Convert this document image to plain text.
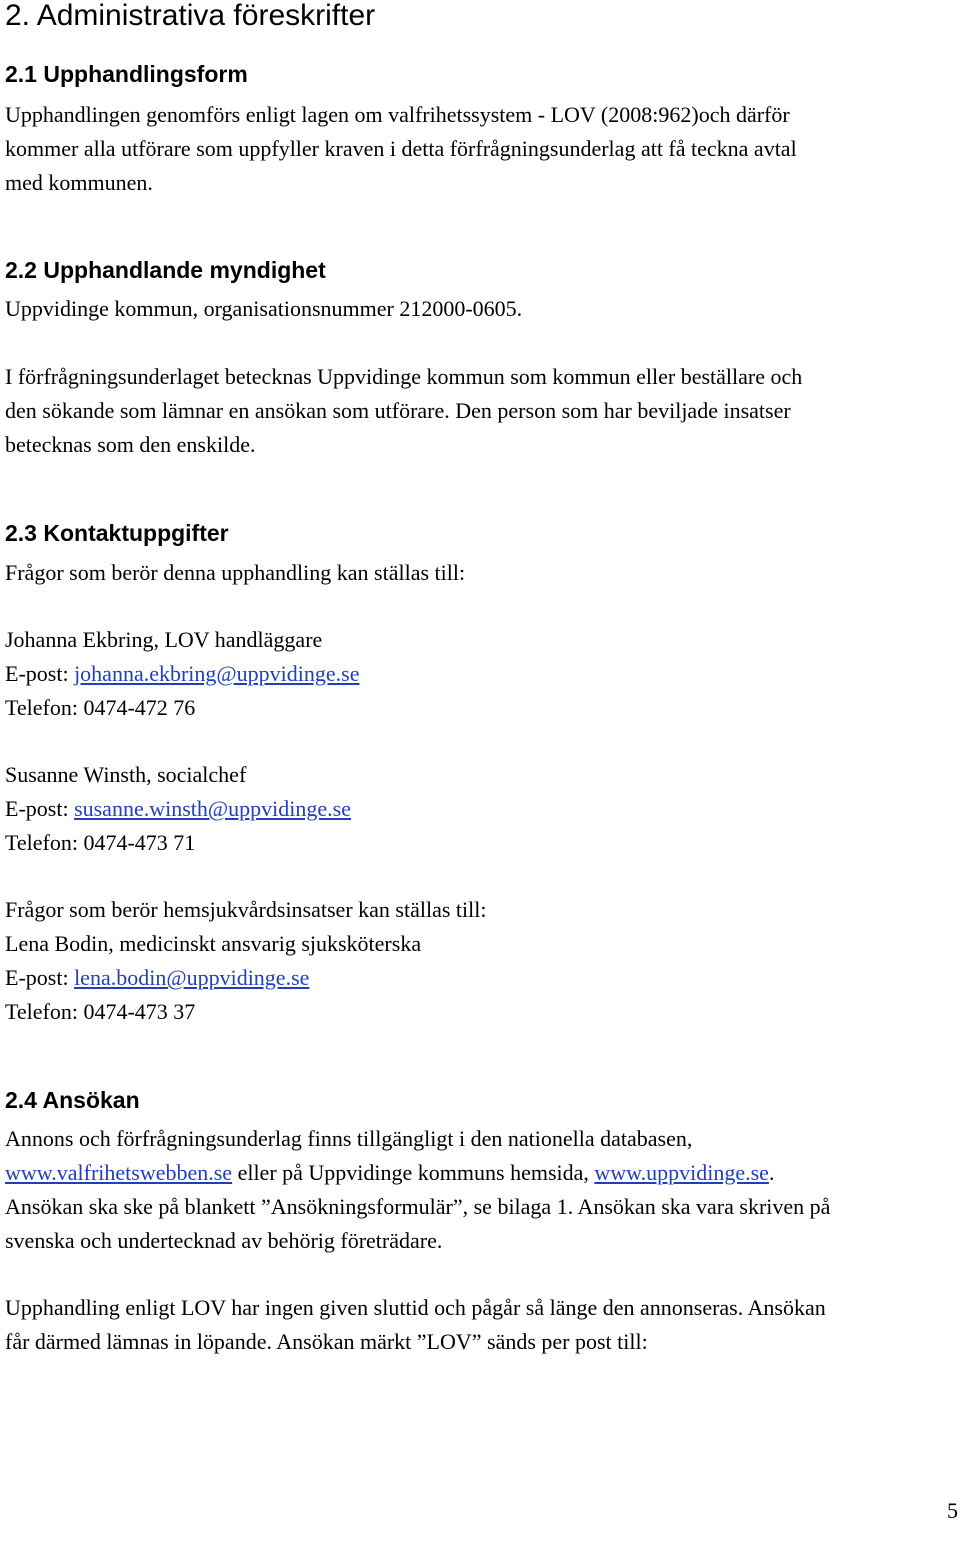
2. Administrativa föreskrifter
2.1 Upphandlingsform

Upphandlingen genomförs enligt lagen om valfrihetssystem - LOV (2008:962)och därför

kommer alla utförare som uppfyller kraven i detta förfrågningsunderlag att få teckna avtal

med kommunen.

2.2 Upphandlande myndighet

Uppvidinge kommun, organisationsnummer 212000-0605.

I förfrågningsunderlaget betecknas Uppvidinge kommun som kommun eller beställare och

den sökande som lämnar en ansökan som utförare. Den person som har beviljade insatser

betecknas som den enskilde.

2.3 Kontaktuppgifter

Frågor som berör denna upphandling kan ställas till:

Johanna Ekbring, LOV handläggare

E-post: johanna.ekbring@uppvidinge.se

Telefon: 0474-472 76

Susanne Winsth, socialchef

E-post: susanne.winsth@uppvidinge.se

Telefon: 0474-473 71

Frågor som berör hemsjukvårdsinsatser kan ställas till:

Lena Bodin, medicinskt ansvarig sjuksköterska

E-post: lena.bodin@uppvidinge.se

Telefon: 0474-473 37

2.4 Ansökan

Annons och förfrågningsunderlag finns tillgängligt i den nationella databasen,

www.valfrihetswebben.se eller på Uppvidinge kommuns hemsida, www.uppvidinge.se.

Ansökan ska ske på blankett ”Ansökningsformulär”, se bilaga 1. Ansökan ska vara skriven på

svenska och undertecknad av behörig företrädare.

Upphandling enligt LOV har ingen given sluttid och pågår så länge den annonseras. Ansökan

får därmed lämnas in löpande. Ansökan märkt ”LOV” sänds per post till:

5
